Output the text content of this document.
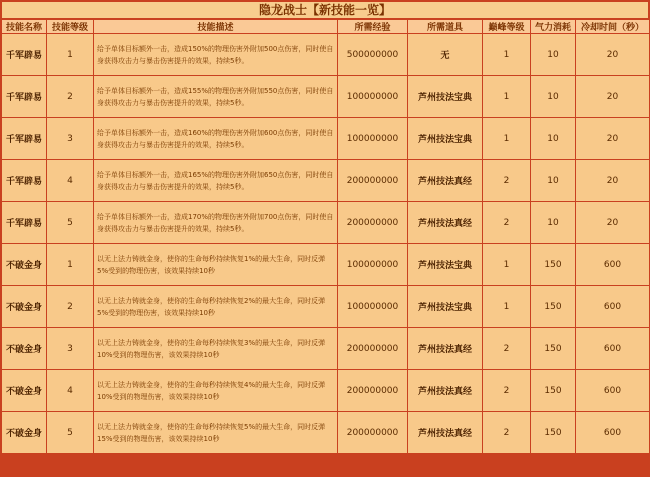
隐龙战士【新技能一览】
技能名称	技能等级	技能描述	所需经验	所需道具	巅峰等级	气力消耗	冷却时间（秒）
千军辟易	1	给予单体目标额外一击，造成150%的物理伤害外附加500点伤害，同时使自身获得攻击力与暴击伤害提升的效果，持续5秒。	500000000	无	1	10	20
千军辟易	2	给予单体目标额外一击，造成155%的物理伤害外附加550点伤害，同时使自身获得攻击力与暴击伤害提升的效果，持续5秒。	100000000	芦州技法宝典	1	10	20
千军辟易	3	给予单体目标额外一击，造成160%的物理伤害外附加600点伤害，同时使自身获得攻击力与暴击伤害提升的效果，持续5秒。	100000000	芦州技法宝典	1	10	20
千军辟易	4	给予单体目标额外一击，造成165%的物理伤害外附加650点伤害，同时使自身获得攻击力与暴击伤害提升的效果，持续5秒。	200000000	芦州技法真经	2	10	20
千军辟易	5	给予单体目标额外一击，造成170%的物理伤害外附加700点伤害，同时使自身获得攻击力与暴击伤害提升的效果，持续5秒。	200000000	芦州技法真经	2	10	20
不破金身	1	以无上法力铸就金身，使你的生命每秒持续恢复1%的最大生命，同时反弹5%受到的物理伤害，该效果持续10秒	100000000	芦州技法宝典	1	150	600
不破金身	2	以无上法力铸就金身，使你的生命每秒持续恢复2%的最大生命，同时反弹5%受到的物理伤害，该效果持续10秒	100000000	芦州技法宝典	1	150	600
不破金身	3	以无上法力铸就金身，使你的生命每秒持续恢复3%的最大生命，同时反弹10%受到的物理伤害，该效果持续10秒	200000000	芦州技法真经	2	150	600
不破金身	4	以无上法力铸就金身，使你的生命每秒持续恢复4%的最大生命，同时反弹10%受到的物理伤害，该效果持续10秒	200000000	芦州技法真经	2	150	600
不破金身	5	以无上法力铸就金身，使你的生命每秒持续恢复5%的最大生命，同时反弹15%受到的物理伤害，该效果持续10秒	200000000	芦州技法真经	2	150	600
